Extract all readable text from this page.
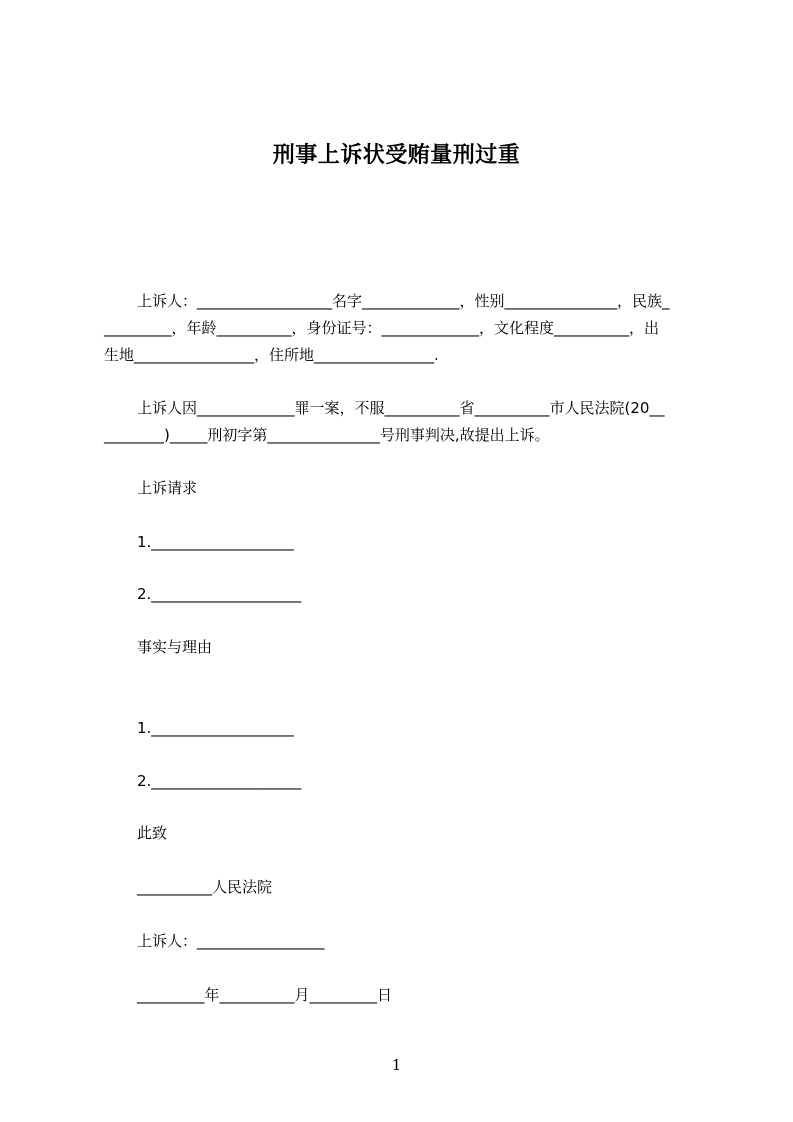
刑事上诉状受贿量刑过重
上诉人：__________________名字_____________，性别_______________，民族_
_________，年龄__________，身份证号：_____________，文化程度__________，出
生地________________，住所地________________.
上诉人因_____________罪一案，不服__________省__________市人民法院(20__
________)_____刑初字第_______________号刑事判决,故提出上诉。
上诉请求
1.___________________
2.____________________
事实与理由
1.___________________
2.____________________
此致
__________人民法院
上诉人：_________________
_________年__________月_________日
1
